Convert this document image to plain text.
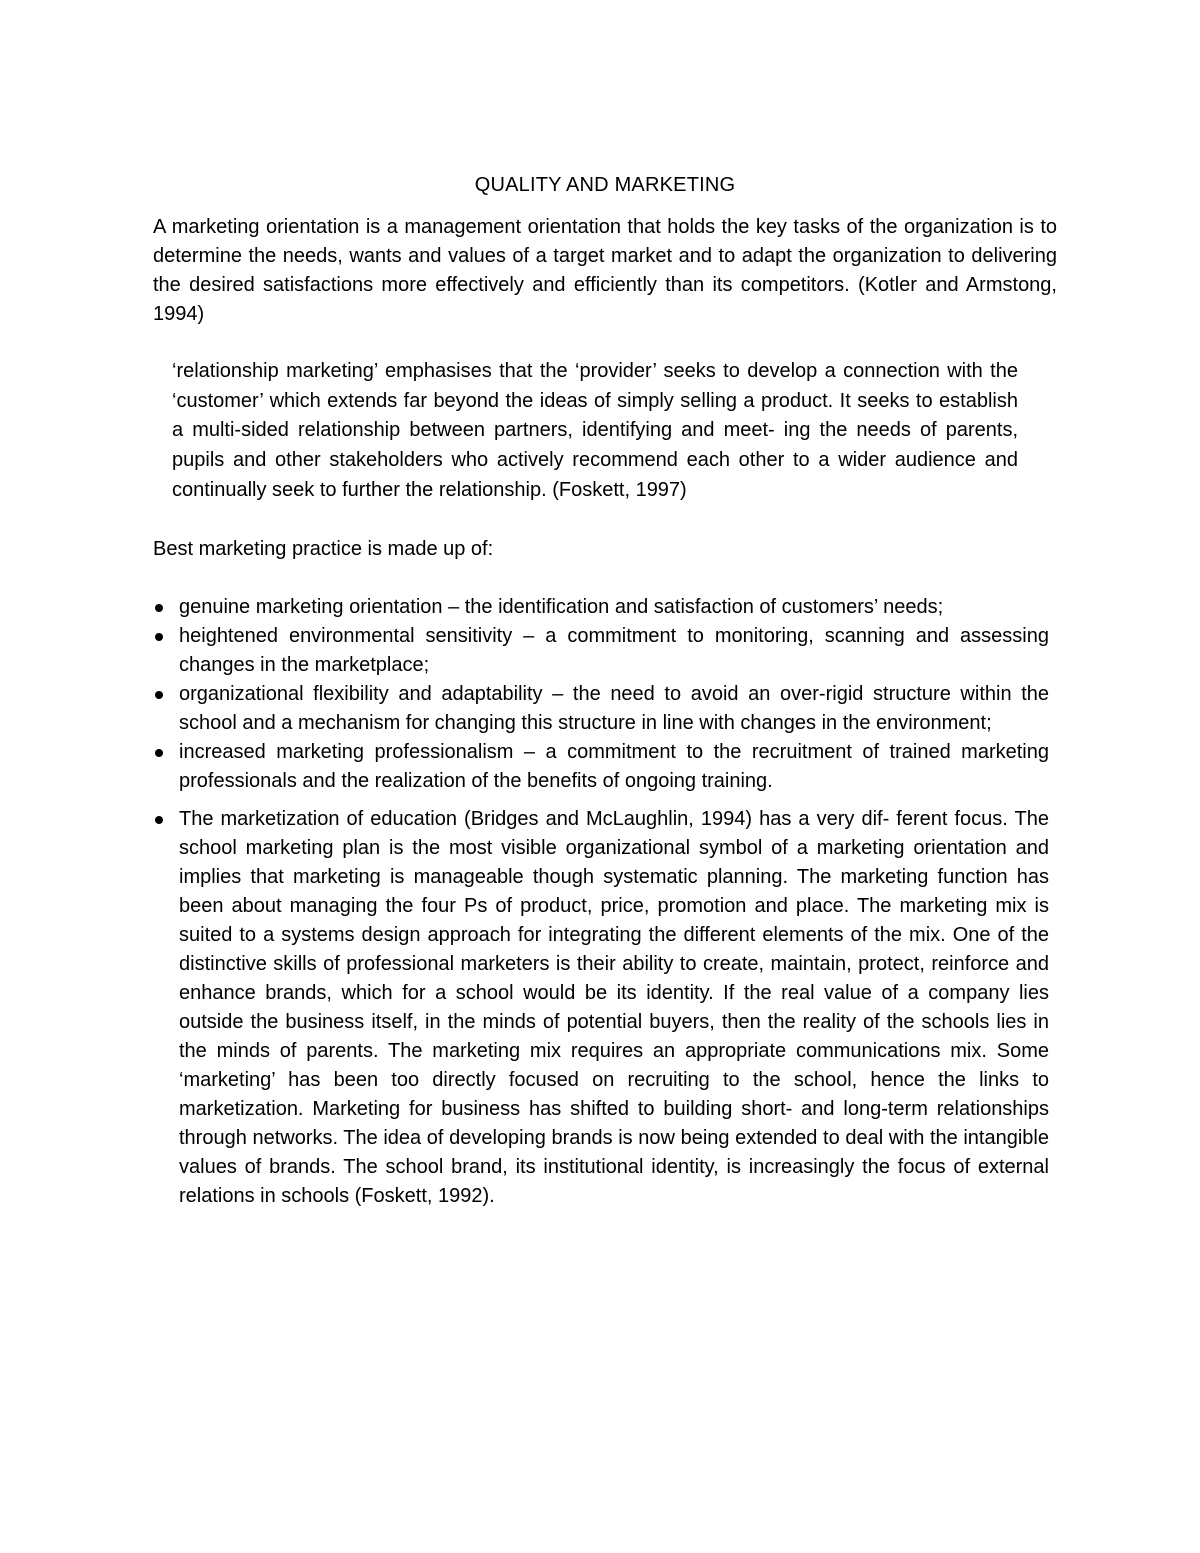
QUALITY AND MARKETING

A marketing orientation is a management orientation that holds the key tasks of the organization is to determine the needs, wants and values of a target market and to adapt the organization to delivering the desired satisfactions more effectively and efficiently than its competitors. (Kotler and Armstong, 1994)

‘relationship marketing’ emphasises that the ‘provider’ seeks to develop a connection with the ‘customer’ which extends far beyond the ideas of simply selling a product. It seeks to establish a multi-sided relationship between partners, identifying and meet- ing the needs of parents, pupils and other stakeholders who actively recommend each other to a wider audience and continually seek to further the relationship. (Foskett, 1997)

Best marketing practice is made up of:

genuine marketing orientation – the identification and satisfaction of customers’ needs;
heightened environmental sensitivity – a commitment to monitoring, scanning and assessing changes in the marketplace;
organizational flexibility and adaptability – the need to avoid an over-rigid structure within the school and a mechanism for changing this structure in line with changes in the environment;
increased marketing professionalism – a commitment to the recruitment of trained marketing professionals and the realization of the benefits of ongoing training.
The marketization of education (Bridges and McLaughlin, 1994) has a very dif- ferent focus. The school marketing plan is the most visible organizational symbol of a marketing orientation and implies that marketing is manageable though systematic planning. The marketing function has been about managing the four Ps of product, price, promotion and place. The marketing mix is suited to a systems design approach for integrating the different elements of the mix. One of the distinctive skills of professional marketers is their ability to create, maintain, protect, reinforce and enhance brands, which for a school would be its identity. If the real value of a company lies outside the business itself, in the minds of potential buyers, then the reality of the schools lies in the minds of parents. The marketing mix requires an appropriate communications mix. Some ‘marketing’ has been too directly focused on recruiting to the school, hence the links to marketization. Marketing for business has shifted to building short- and long-term relationships through networks. The idea of developing brands is now being extended to deal with the intangible values of brands. The school brand, its institutional identity, is increasingly the focus of external relations in schools (Foskett, 1992).
